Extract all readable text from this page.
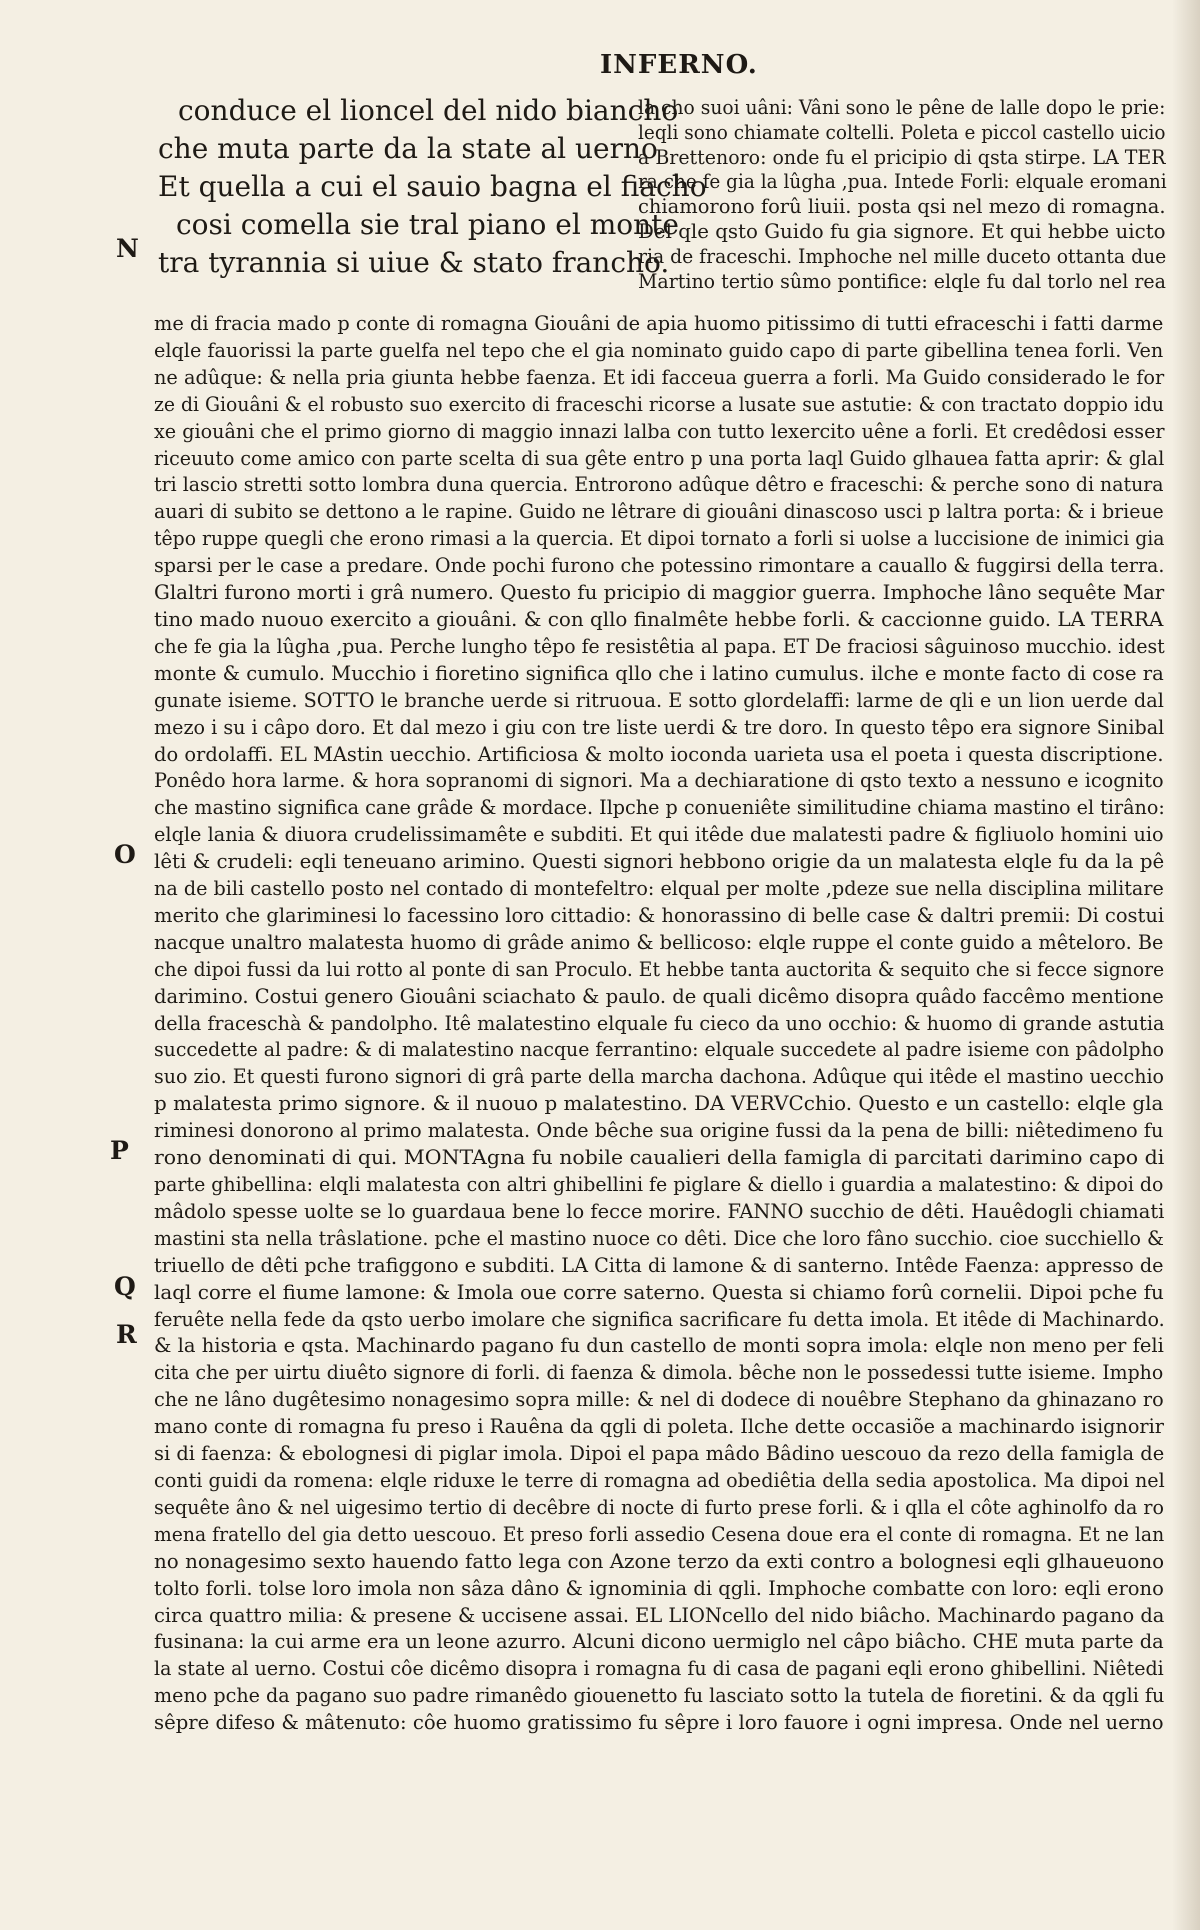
INFERNO.
conduce el lioncel del nido biancho
che muta parte da la state al uerno
Et quella a cui el sauio bagna el fiacho
cosi comella sie tral piano el monte
tra tyrannia si uiue & stato francho.
la cho suoi uâni: Vâni sono le pêne de lalle dopo le prie:
leqli sono chiamate coltelli. Poleta e piccol castello uicio
a Brettenoro: onde fu el pricipio di qsta stirpe. LA TER
ra che fe gia la lûgha ,pua. Intede Forli: elquale eromani
chiamorono forû liuii. posta qsi nel mezo di romagna.
Del qle qsto Guido fu gia signore. Et qui hebbe uicto
ria de fraceschi. Imphoche nel mille duceto ottanta due
Martino tertio sûmo pontifice: elqle fu dal torlo nel rea
me di fracia mado p conte di romagna Giouâni de apia huomo pitissimo di tutti efraceschi i fatti darme
elqle fauorissi la parte guelfa nel tepo che el gia nominato guido capo di parte gibellina tenea forli. Ven
ne adûque: & nella pria giunta hebbe faenza. Et idi facceua guerra a forli. Ma Guido considerado le for
ze di Giouâni & el robusto suo exercito di fraceschi ricorse a lusate sue astutie: & con tractato doppio idu
xe giouâni che el primo giorno di maggio innazi lalba con tutto lexercito uêne a forli. Et credêdosi esser
riceuuto come amico con parte scelta di sua gête entro p una porta laql Guido glhauea fatta aprir: & glal
tri lascio stretti sotto lombra duna quercia. Entrorono adûque dêtro e fraceschi: & perche sono di natura
auari di subito se dettono a le rapine. Guido ne lêtrare di giouâni dinascoso usci p laltra porta: & i brieue
têpo ruppe quegli che erono rimasi a la quercia. Et dipoi tornato a forli si uolse a luccisione de inimici gia
sparsi per le case a predare. Onde pochi furono che potessino rimontare a cauallo & fuggirsi della terra.
Glaltri furono morti i grâ numero. Questo fu pricipio di maggior guerra. Imphoche lâno sequête Mar
tino mado nuouo exercito a giouâni. & con qllo finalmête hebbe forli. & caccionne guido. LA TERRA
che fe gia la lûgha ,pua. Perche lungho têpo fe resistêtia al papa. ET De fraciosi sâguinoso mucchio. idest
monte & cumulo. Mucchio i fioretino significa qllo che i latino cumulus. ilche e monte facto di cose ra
gunate isieme. SOTTO le branche uerde si ritruoua. E sotto glordelaffi: larme de qli e un lion uerde dal
mezo i su i câpo doro. Et dal mezo i giu con tre liste uerdi & tre doro. In questo têpo era signore Sinibal
do ordolaffi. EL MAstin uecchio. Artificiosa & molto ioconda uarieta usa el poeta i questa discriptione.
Ponêdo hora larme. & hora sopranomi di signori. Ma a dechiaratione di qsto texto a nessuno e icognito
che mastino significa cane grâde & mordace. Ilpche p conueniête similitudine chiama mastino el tirâno:
elqle lania & diuora crudelissimamête e subditi. Et qui itêde due malatesti padre & figliuolo homini uio
lêti & crudeli: eqli teneuano arimino. Questi signori hebbono origie da un malatesta elqle fu da la pê
na de bili castello posto nel contado di montefeltro: elqual per molte ,pdeze sue nella disciplina militare
merito che glariminesi lo facessino loro cittadio: & honorassino di belle case & daltri premii: Di costui
nacque unaltro malatesta huomo di grâde animo & bellicoso: elqle ruppe el conte guido a mêteloro. Be
che dipoi fussi da lui rotto al ponte di san Proculo. Et hebbe tanta auctorita & sequito che si fecce signore
darimino. Costui genero Giouâni sciachato & paulo. de quali dicêmo disopra quâdo faccêmo mentione
della fraceschà & pandolpho. Itê malatestino elquale fu cieco da uno occhio: & huomo di grande astutia
succedette al padre: & di malatestino nacque ferrantino: elquale succedete al padre isieme con pâdolpho
suo zio. Et questi furono signori di grâ parte della marcha dachona. Adûque qui itêde el mastino uecchio
p malatesta primo signore. & il nuouo p malatestino. DA VERVCchio. Questo e un castello: elqle gla
riminesi donorono al primo malatesta. Onde bêche sua origine fussi da la pena de billi: niêtedimeno fu
rono denominati di qui. MONTAgna fu nobile caualieri della famigla di parcitati darimino capo di
parte ghibellina: elqli malatesta con altri ghibellini fe piglare & diello i guardia a malatestino: & dipoi do
mâdolo spesse uolte se lo guardaua bene lo fecce morire. FANNO succhio de dêti. Hauêdogli chiamati
mastini sta nella trâslatione. pche el mastino nuoce co dêti. Dice che loro fâno succhio. cioe succhiello &
triuello de dêti pche trafiggono e subditi. LA Citta di lamone & di santerno. Intêde Faenza: appresso de
laql corre el fiume lamone: & Imola oue corre saterno. Questa si chiamo forû cornelii. Dipoi pche fu
feruête nella fede da qsto uerbo imolare che significa sacrificare fu detta imola. Et itêde di Machinardo.
& la historia e qsta. Machinardo pagano fu dun castello de monti sopra imola: elqle non meno per feli
cita che per uirtu diuêto signore di forli. di faenza & dimola. bêche non le possedessi tutte isieme. Impho
che ne lâno dugêtesimo nonagesimo sopra mille: & nel di dodece di nouêbre Stephano da ghinazano ro
mano conte di romagna fu preso i Rauêna da qgli di poleta. Ilche dette occasiõe a machinardo isignorir
si di faenza: & ebolognesi di piglar imola. Dipoi el papa mâdo Bâdino uescouo da rezo della famigla de
conti guidi da romena: elqle riduxe le terre di romagna ad obediêtia della sedia apostolica. Ma dipoi nel
sequête âno & nel uigesimo tertio di decêbre di nocte di furto prese forli. & i qlla el côte aghinolfo da ro
mena fratello del gia detto uescouo. Et preso forli assedio Cesena doue era el conte di romagna. Et ne lan
no nonagesimo sexto hauendo fatto lega con Azone terzo da exti contro a bolognesi eqli glhaueuono
tolto forli. tolse loro imola non sâza dâno & ignominia di qgli. Imphoche combatte con loro: eqli erono
circa quattro milia: & presene & uccisene assai. EL LIONcello del nido biâcho. Machinardo pagano da
fusinana: la cui arme era un leone azurro. Alcuni dicono uermiglo nel câpo biâcho. CHE muta parte da
la state al uerno. Costui côe dicêmo disopra i romagna fu di casa de pagani eqli erono ghibellini. Niêtedi
meno pche da pagano suo padre rimanêdo giouenetto fu lasciato sotto la tutela de fioretini. & da qgli fu
sêpre difeso & mâtenuto: côe huomo gratissimo fu sêpre i loro fauore i ogni impresa. Onde nel uerno
N
O
P
Q
R
